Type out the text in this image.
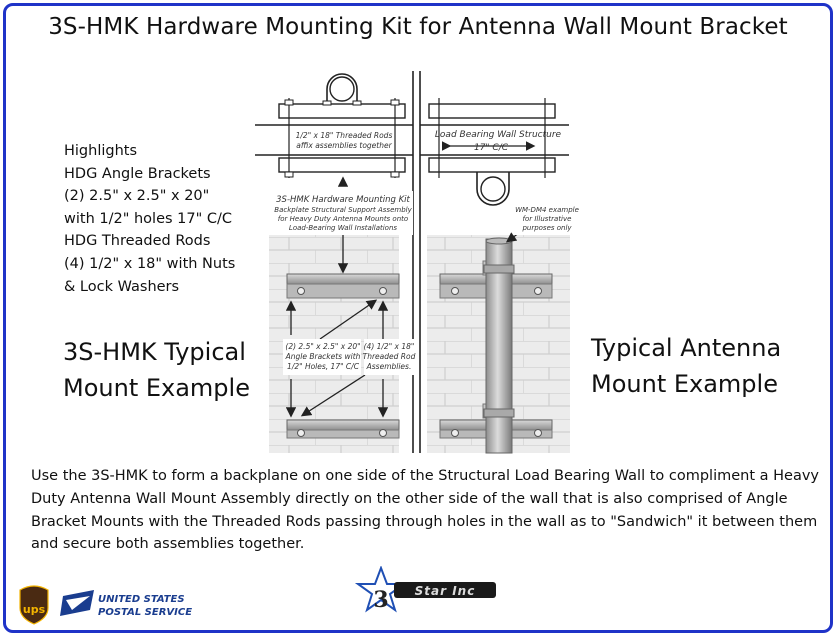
3S-HMK Hardware Mounting Kit for Antenna Wall Mount Bracket
Highlights
HDG Angle Brackets
(2) 2.5" x 2.5" x 20"
with 1/2" holes 17" C/C
HDG Threaded Rods
(4) 1/2" x 18" with Nuts
& Lock Washers
3S-HMK Typical
Mount Example
Typical Antenna
Mount Example
1/2" x 18" Threaded Rods
affix assemblies together
Load Bearing Wall Structure
17" C/C
3S-HMK Hardware Mounting Kit
Backplate Structural Support Assembly
for Heavy Duty Antenna Mounts onto
Load-Bearing Wall Installations
WM-DM4 example
for Illustrative
purposes only
(2) 2.5" x 2.5" x 20"
Angle Brackets with
1/2" Holes, 17" C/C
(4) 1/2" x 18"
Threaded Rod
Assemblies.
Use the 3S-HMK to form a backplane on one side of the Structural Load Bearing Wall to compliment a Heavy Duty Antenna Wall Mount Assembly directly on the other side of the wall that is also comprised of Angle Bracket Mounts with the Threaded Rods passing through holes in the wall as to "Sandwich" it between them and secure both assemblies together.
ups
UNITED STATES
POSTAL SERVICE	3 Star Inc
